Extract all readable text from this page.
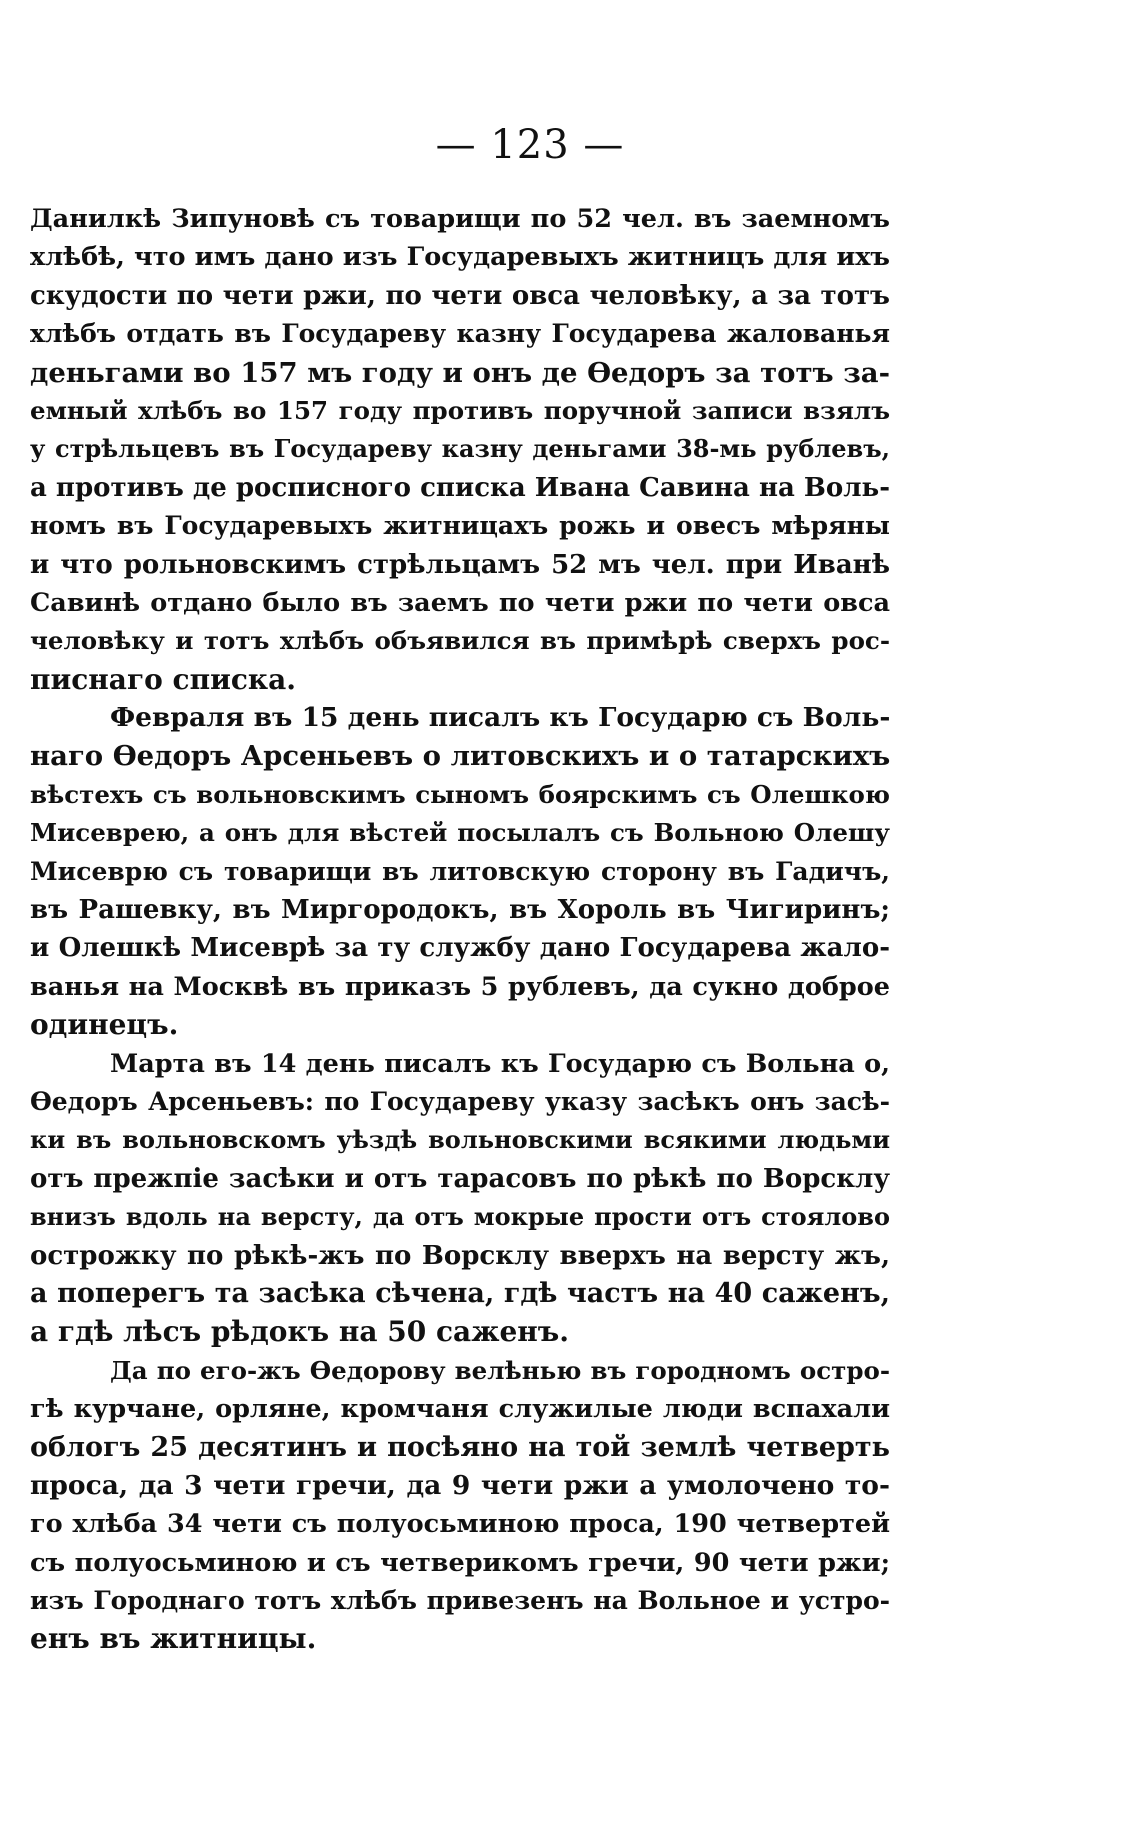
— 123 —
Данилкѣ Зипуновѣ съ товарищи по 52 чел. въ заемномъ
хлѣбѣ, что имъ дано изъ Государевыхъ житницъ для ихъ
скудости по чети ржи, по чети овса человѣку, а за тотъ
хлѣбъ отдать въ Государеву казну Государева жалованья
деньгами во 157 мъ году и онъ де Өедоръ за тотъ за-
емный хлѣбъ во 157 году противъ поручной записи взялъ
у стрѣльцевъ въ Государеву казну деньгами 38-мь рублевъ,
а противъ де росписного списка Ивана Савина на Воль-
номъ въ Государевыхъ житницахъ рожь и овесъ мѣряны
и что рольновскимъ стрѣльцамъ 52 мъ чел. при Иванѣ
Савинѣ отдано было въ заемъ по чети ржи по чети овса
человѣку и тотъ хлѣбъ объявился въ примѣрѣ сверхъ рос-
писнаго списка.
Февраля въ 15 день писалъ къ Государю съ Воль-
наго Өедоръ Арсеньевъ о литовскихъ и о татарскихъ
вѣстехъ съ вольновскимъ сыномъ боярскимъ съ Олешкою
Мисеврею, а онъ для вѣстей посылалъ съ Вольною Олешу
Мисеврю съ товарищи въ литовскую сторону въ Гадичъ,
въ Рашевку, въ Миргородокъ, въ Хороль въ Чигиринъ;
и Олешкѣ Мисеврѣ за ту службу дано Государева жало-
ванья на Москвѣ въ приказъ 5 рублевъ, да сукно доброе
одинецъ.
Марта въ 14 день писалъ къ Государю съ Вольна о,
Өедоръ Арсеньевъ: по Государеву указу засѣкъ онъ засѣ-
ки въ вольновскомъ уѣздѣ вольновскими всякими людьми
отъ прежпіе засѣки и отъ тарасовъ по рѣкѣ по Ворсклу
внизъ вдоль на версту, да отъ мокрые прости отъ стоялово
острожку по рѣкѣ-жъ по Ворсклу вверхъ на версту жъ,
а поперегъ та засѣка сѣчена, гдѣ частъ на 40 саженъ,
а гдѣ лѣсъ рѣдокъ на 50 саженъ.
Да по его-жъ Өедорову велѣнью въ городномъ остро-
гѣ курчане, орляне, кромчаня служилые люди вспахали
облогъ 25 десятинъ и посѣяно на той землѣ четверть
проса, да 3 чети гречи, да 9 чети ржи а умолочено то-
го хлѣба 34 чети съ полуосьминою проса, 190 четвертей
съ полуосьминою и съ четверикомъ гречи, 90 чети ржи;
изъ Городнаго тотъ хлѣбъ привезенъ на Вольное и устро-
енъ въ житницы.
